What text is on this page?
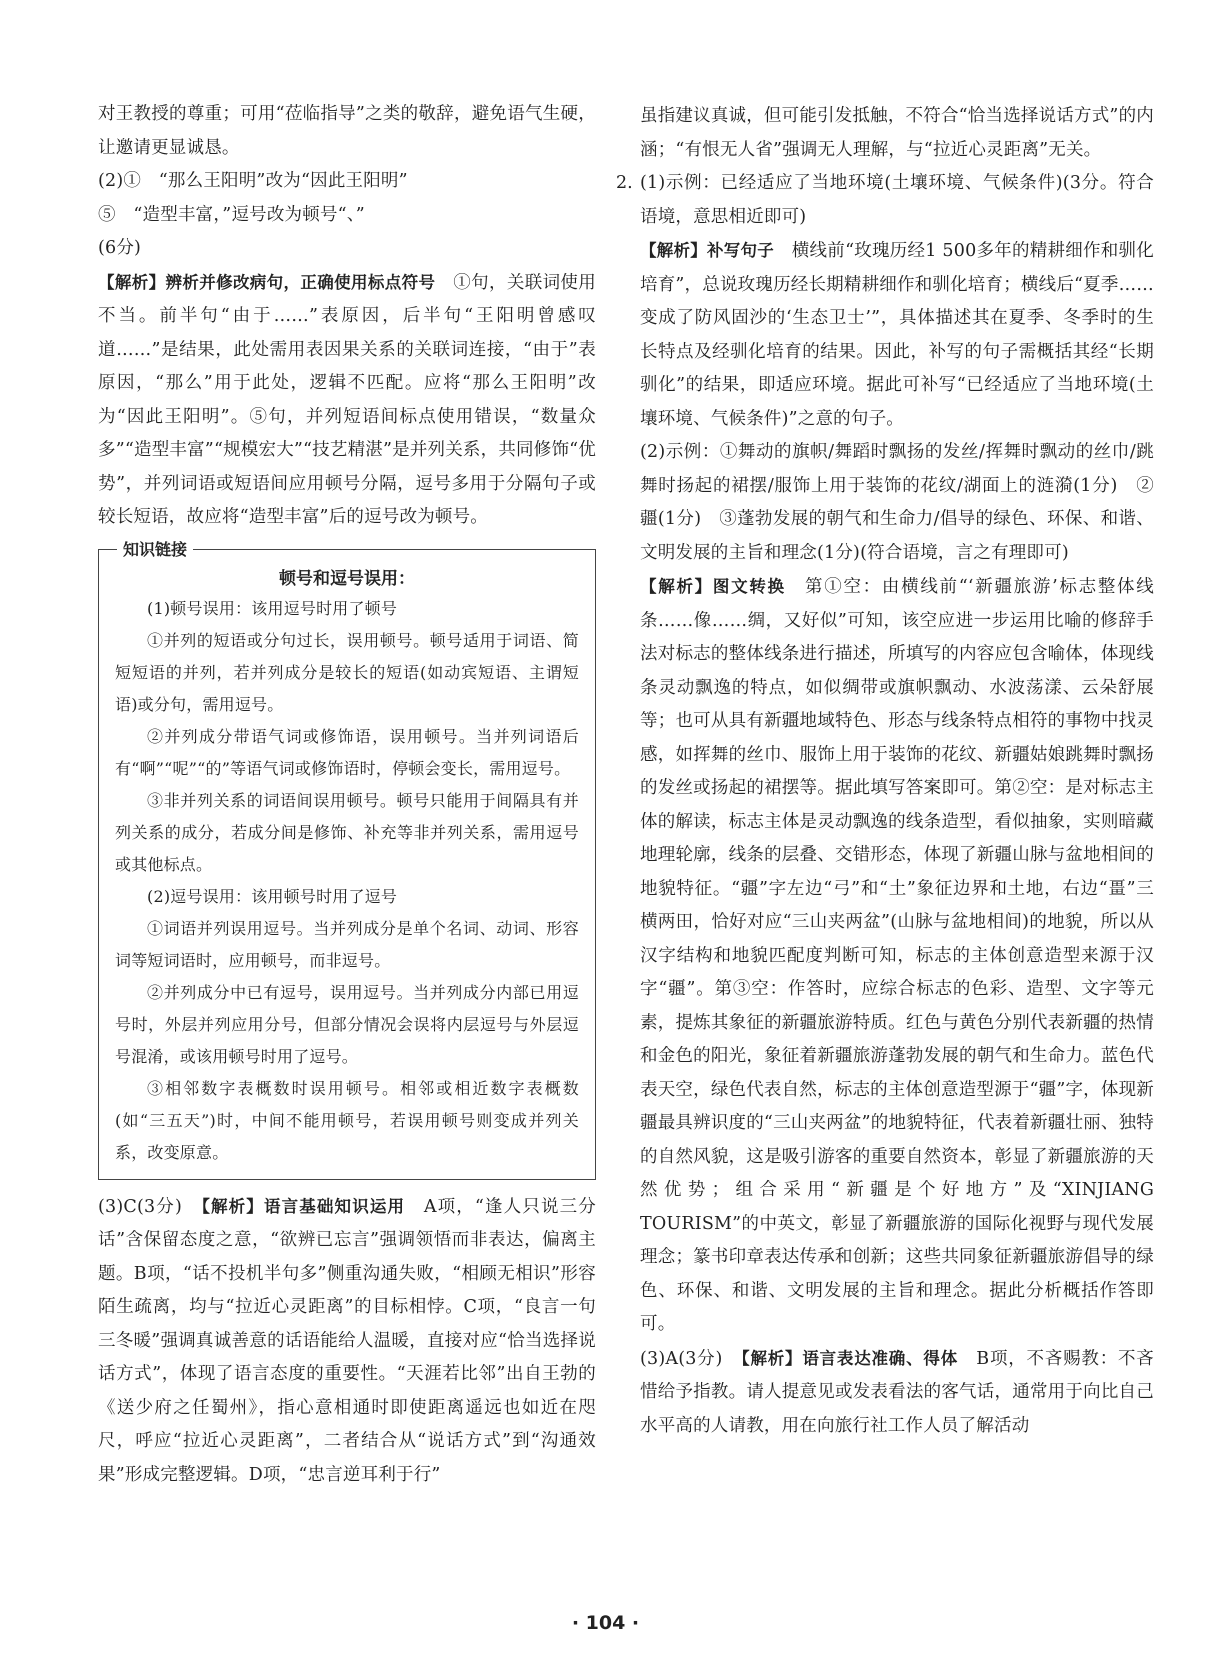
对王教授的尊重；可用“莅临指导”之类的敬辞，避免语气生硬，让邀请更显诚恳。

(2)①　“那么王阳明”改为“因此王阳明”

⑤　“造型丰富，”逗号改为顿号“、”

(6分)

【解析】辨析并修改病句，正确使用标点符号　①句，关联词使用不当。前半句“由于……”表原因，后半句“王阳明曾感叹道……”是结果，此处需用表因果关系的关联词连接，“由于”表原因，“那么”用于此处，逻辑不匹配。应将“那么王阳明”改为“因此王阳明”。⑤句，并列短语间标点使用错误，“数量众多”“造型丰富”“规模宏大”“技艺精湛”是并列关系，共同修饰“优势”，并列词语或短语间应用顿号分隔，逗号多用于分隔句子或较长短语，故应将“造型丰富”后的逗号改为顿号。

知识链接
顿号和逗号误用：

(1)顿号误用：该用逗号时用了顿号

①并列的短语或分句过长，误用顿号。顿号适用于词语、简短短语的并列，若并列成分是较长的短语(如动宾短语、主谓短语)或分句，需用逗号。

②并列成分带语气词或修饰语，误用顿号。当并列词语后有“啊”“呢”“的”等语气词或修饰语时，停顿会变长，需用逗号。

③非并列关系的词语间误用顿号。顿号只能用于间隔具有并列关系的成分，若成分间是修饰、补充等非并列关系，需用逗号或其他标点。

(2)逗号误用：该用顿号时用了逗号

①词语并列误用逗号。当并列成分是单个名词、动词、形容词等短词语时，应用顿号，而非逗号。

②并列成分中已有逗号，误用逗号。当并列成分内部已用逗号时，外层并列应用分号，但部分情况会误将内层逗号与外层逗号混淆，或该用顿号时用了逗号。

③相邻数字表概数时误用顿号。相邻或相近数字表概数(如“三五天”)时，中间不能用顿号，若误用顿号则变成并列关系，改变原意。

(3)C(3分)　【解析】语言基础知识运用　A项，“逢人只说三分话”含保留态度之意，“欲辨已忘言”强调领悟而非表达，偏离主题。B项，“话不投机半句多”侧重沟通失败，“相顾无相识”形容陌生疏离，均与“拉近心灵距离”的目标相悖。C项，“良言一句三冬暖”强调真诚善意的话语能给人温暖，直接对应“恰当选择说话方式”，体现了语言态度的重要性。“天涯若比邻”出自王勃的《送少府之任蜀州》，指心意相通时即使距离遥远也如近在咫尺，呼应“拉近心灵距离”，二者结合从“说话方式”到“沟通效果”形成完整逻辑。D项，“忠言逆耳利于行”

虽指建议真诚，但可能引发抵触，不符合“恰当选择说话方式”的内涵；“有恨无人省”强调无人理解，与“拉近心灵距离”无关。

2. (1)示例：已经适应了当地环境(土壤环境、气候条件)(3分。符合语境，意思相近即可)

【解析】补写句子　横线前“玫瑰历经1 500多年的精耕细作和驯化培育”，总说玫瑰历经长期精耕细作和驯化培育；横线后“夏季……变成了防风固沙的‘生态卫士’”，具体描述其在夏季、冬季时的生长特点及经驯化培育的结果。因此，补写的句子需概括其经“长期驯化”的结果，即适应环境。据此可补写“已经适应了当地环境(土壤环境、气候条件)”之意的句子。

(2)示例：①舞动的旗帜/舞蹈时飘扬的发丝/挥舞时飘动的丝巾/跳舞时扬起的裙摆/服饰上用于装饰的花纹/湖面上的涟漪(1分)　②疆(1分)　③蓬勃发展的朝气和生命力/倡导的绿色、环保、和谐、文明发展的主旨和理念(1分)(符合语境，言之有理即可)

【解析】图文转换　第①空：由横线前“‘新疆旅游’标志整体线条……像……绸，又好似”可知，该空应进一步运用比喻的修辞手法对标志的整体线条进行描述，所填写的内容应包含喻体，体现线条灵动飘逸的特点，如似绸带或旗帜飘动、水波荡漾、云朵舒展等；也可从具有新疆地域特色、形态与线条特点相符的事物中找灵感，如挥舞的丝巾、服饰上用于装饰的花纹、新疆姑娘跳舞时飘扬的发丝或扬起的裙摆等。据此填写答案即可。第②空：是对标志主体的解读，标志主体是灵动飘逸的线条造型，看似抽象，实则暗藏地理轮廓，线条的层叠、交错形态，体现了新疆山脉与盆地相间的地貌特征。“疆”字左边“弓”和“土”象征边界和土地，右边“畺”三横两田，恰好对应“三山夹两盆”(山脉与盆地相间)的地貌，所以从汉字结构和地貌匹配度判断可知，标志的主体创意造型来源于汉字“疆”。第③空：作答时，应综合标志的色彩、造型、文字等元素，提炼其象征的新疆旅游特质。红色与黄色分别代表新疆的热情和金色的阳光，象征着新疆旅游蓬勃发展的朝气和生命力。蓝色代表天空，绿色代表自然，标志的主体创意造型源于“疆”字，体现新疆最具辨识度的“三山夹两盆”的地貌特征，代表着新疆壮丽、独特的自然风貌，这是吸引游客的重要自然资本，彰显了新疆旅游的天然优势；组合采用“新疆是个好地方”及“XINJIANG TOURISM”的中英文，彰显了新疆旅游的国际化视野与现代发展理念；篆书印章表达传承和创新；这些共同象征新疆旅游倡导的绿色、环保、和谐、文明发展的主旨和理念。据此分析概括作答即可。

(3)A(3分)　【解析】语言表达准确、得体　B项，不吝赐教：不吝惜给予指教。请人提意见或发表看法的客气话，通常用于向比自己水平高的人请教，用在向旅行社工作人员了解活动

· 104 ·
